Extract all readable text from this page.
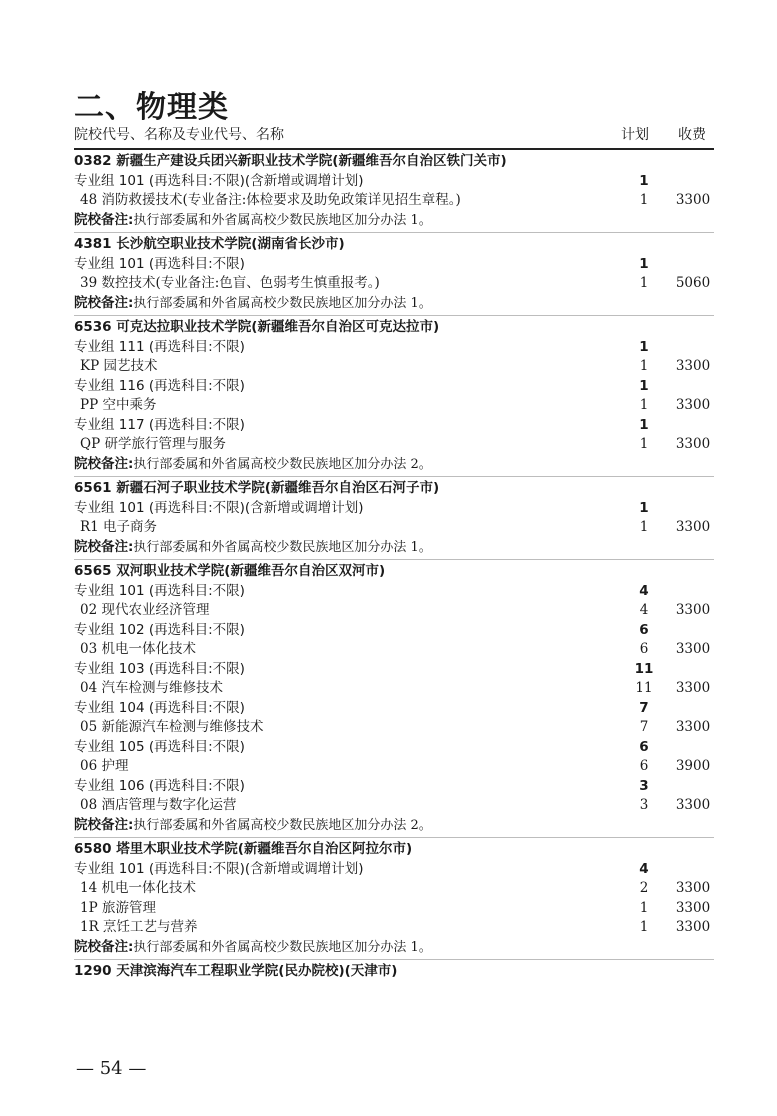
二、物理类
院校代号、名称及专业代号、名称	计划 收费
0382 新疆生产建设兵团兴新职业技术学院(新疆维吾尔自治区铁门关市)
专业组 101 (再选科目:不限)(含新增或调增计划)	1
48 消防救援技术(专业备注:体检要求及助免政策详见招生章程。)	1	3300
院校备注:执行部委属和外省属高校少数民族地区加分办法 1。
4381 长沙航空职业技术学院(湖南省长沙市)
专业组 101 (再选科目:不限)	1
39 数控技术(专业备注:色盲、色弱考生慎重报考。)	1	5060
院校备注:执行部委属和外省属高校少数民族地区加分办法 1。
6536 可克达拉职业技术学院(新疆维吾尔自治区可克达拉市)
专业组 111 (再选科目:不限)	1
KP 园艺技术	1	3300
专业组 116 (再选科目:不限)	1
PP 空中乘务	1	3300
专业组 117 (再选科目:不限)	1
QP 研学旅行管理与服务	1	3300
院校备注:执行部委属和外省属高校少数民族地区加分办法 2。
6561 新疆石河子职业技术学院(新疆维吾尔自治区石河子市)
专业组 101 (再选科目:不限)(含新增或调增计划)	1
R1 电子商务	1	3300
院校备注:执行部委属和外省属高校少数民族地区加分办法 1。
6565 双河职业技术学院(新疆维吾尔自治区双河市)
专业组 101 (再选科目:不限)	4
02 现代农业经济管理	4	3300
专业组 102 (再选科目:不限)	6
03 机电一体化技术	6	3300
专业组 103 (再选科目:不限)	11
04 汽车检测与维修技术	11 3300
专业组 104 (再选科目:不限)	7
05 新能源汽车检测与维修技术	7	3300
专业组 105 (再选科目:不限)	6
06 护理	6	3900
专业组 106 (再选科目:不限)	3
08 酒店管理与数字化运营	3	3300
院校备注:执行部委属和外省属高校少数民族地区加分办法 2。
6580 塔里木职业技术学院(新疆维吾尔自治区阿拉尔市)
专业组 101 (再选科目:不限)(含新增或调增计划)	4
14 机电一体化技术	2	3300
1P 旅游管理	1	3300
1R 烹饪工艺与营养	1	3300
院校备注:执行部委属和外省属高校少数民族地区加分办法 1。
1290 天津滨海汽车工程职业学院(民办院校)(天津市)
— 54 —
